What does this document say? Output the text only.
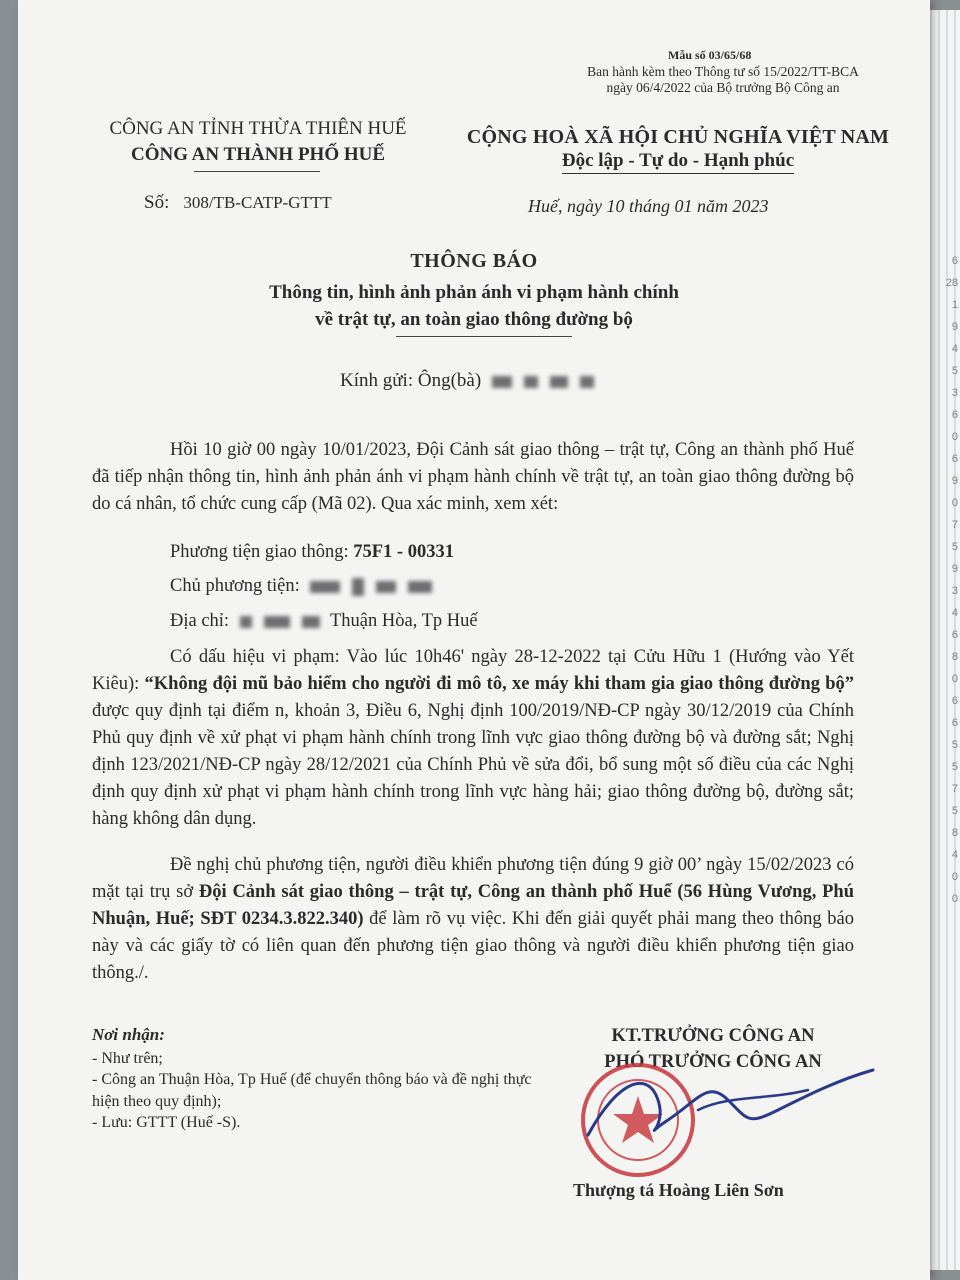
6
28
1
9
4
5
3
6
0
6
9
0
7
5
9
3
4
6
8
0
6
6
5
5
7
5
8
4
0
0
Mẫu số 03/65/68
Ban hành kèm theo Thông tư số 15/2022/TT-BCA
ngày 06/4/2022 của Bộ trưởng Bộ Công an
CÔNG AN TỈNH THỪA THIÊN HUẾ
CÔNG AN THÀNH PHỐ HUẾ
CỘNG HOÀ XÃ HỘI CHỦ NGHĨA VIỆT NAM
Độc lập - Tự do - Hạnh phúc
Số: 308/TB-CATP-GTTT	Huế, ngày 10 tháng 01 năm 2023
THÔNG BÁO
Thông tin, hình ảnh phản ánh vi phạm hành chính
về trật tự, an toàn giao thông đường bộ
Kính gửi: Ông(bà)
Hồi 10 giờ 00 ngày 10/01/2023, Đội Cảnh sát giao thông – trật tự, Công an thành phố Huế đã tiếp nhận thông tin, hình ảnh phản ánh vi phạm hành chính về trật tự, an toàn giao thông đường bộ do cá nhân, tổ chức cung cấp (Mã 02). Qua xác minh, xem xét:
Phương tiện giao thông: 75F1 - 00331
Chủ phương tiện:
Địa chỉ:	Thuận Hòa, Tp Huế
Có dấu hiệu vi phạm: Vào lúc 10h46' ngày 28-12-2022 tại Cửu Hữu 1 (Hướng vào Yết Kiêu): “Không đội mũ bảo hiểm cho người đi mô tô, xe máy khi tham gia giao thông đường bộ” được quy định tại điểm n, khoản 3, Điều 6, Nghị định 100/2019/NĐ-CP ngày 30/12/2019 của Chính Phủ quy định về xử phạt vi phạm hành chính trong lĩnh vực giao thông đường bộ và đường sắt; Nghị định 123/2021/NĐ-CP ngày 28/12/2021 của Chính Phủ về sửa đổi, bổ sung một số điều của các Nghị định quy định xử phạt vi phạm hành chính trong lĩnh vực hàng hải; giao thông đường bộ, đường sắt; hàng không dân dụng.
Đề nghị chủ phương tiện, người điều khiển phương tiện đúng 9 giờ 00’ ngày 15/02/2023 có mặt tại trụ sở Đội Cảnh sát giao thông – trật tự, Công an thành phố Huế (56 Hùng Vương, Phú Nhuận, Huế; SĐT 0234.3.822.340) để làm rõ vụ việc. Khi đến giải quyết phải mang theo thông báo này và các giấy tờ có liên quan đến phương tiện giao thông và người điều khiển phương tiện giao thông./.
Nơi nhận:
- Như trên;
- Công an Thuận Hòa, Tp Huế (để chuyển thông báo và đề nghị thực hiện theo quy định);
- Lưu: GTTT (Huế -S).
KT.TRƯỞNG CÔNG AN
PHÓ TRƯỞNG CÔNG AN
Thượng tá Hoàng Liên Sơn
